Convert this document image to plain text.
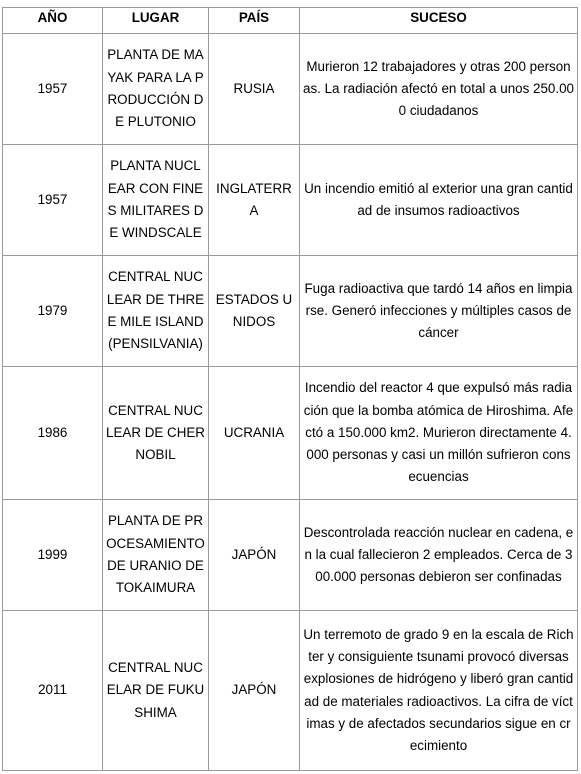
AÑO	LUGAR	PAÍS	SUCESO
1957	PLANTA DE MAYAK PARA LA PRODUCCIÓN DE PLUTONIO	RUSIA	Murieron 12 trabajadores y otras 200 personas. La radiación afectó en total a unos 250.000 ciudadanos
1957	PLANTA NUCLEAR CON FINES MILITARES DE WINDSCALE	INGLATERRA	Un incendio emitió al exterior una gran cantidad de insumos radioactivos
1979	CENTRAL NUCLEAR DE THREE MILE ISLAND (PENSILVANIA)	ESTADOS UNIDOS	Fuga radioactiva que tardó 14 años en limpiarse. Generó infecciones y múltiples casos de cáncer
1986	CENTRAL NUCLEAR DE CHERNOBIL	UCRANIA	Incendio del reactor 4 que expulsó más radiación que la bomba atómica de Hiroshima. Afectó a 150.000 km2. Murieron directamente 4.000 personas y casi un millón sufrieron consecuencias
1999	PLANTA DE PROCESAMIENTO DE URANIO DE TOKAIMURA	JAPÓN	Descontrolada reacción nuclear en cadena, en la cual fallecieron 2 empleados. Cerca de 300.000 personas debieron ser confinadas
2011	CENTRAL NUCELAR DE FUKUSHIMA	JAPÓN	Un terremoto de grado 9 en la escala de Richter y consiguiente tsunami provocó diversas explosiones de hidrógeno y liberó gran cantidad de materiales radioactivos. La cifra de víctimas y de afectados secundarios sigue en crecimiento
